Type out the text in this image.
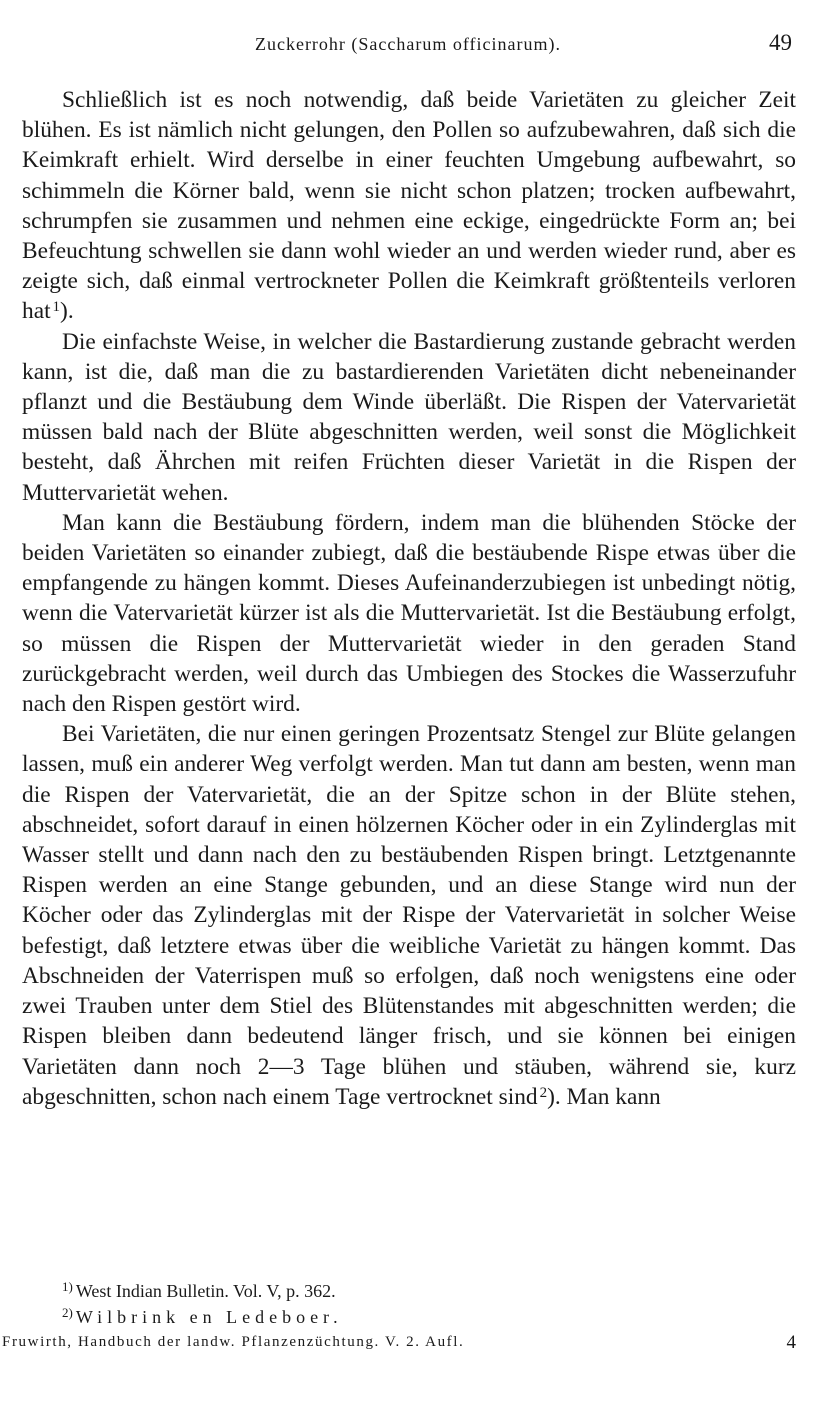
Zuckerrohr (Saccharum officinarum).	49

Schließlich ist es noch notwendig, daß beide Varietäten zu gleicher Zeit blühen. Es ist nämlich nicht gelungen, den Pollen so aufzubewahren, daß sich die Keimkraft erhielt. Wird derselbe in einer feuchten Umgebung aufbewahrt, so schimmeln die Körner bald, wenn sie nicht schon platzen; trocken aufbewahrt, schrumpfen sie zusammen und nehmen eine eckige, eingedrückte Form an; bei Befeuchtung schwellen sie dann wohl wieder an und werden wieder rund, aber es zeigte sich, daß einmal vertrockneter Pollen die Keimkraft größtenteils verloren hat  $^1$).

Die einfachste Weise, in welcher die Bastardierung zustande gebracht werden kann, ist die, daß man die zu bastardierenden Varietäten dicht nebeneinander pflanzt und die Bestäubung dem Winde überläßt. Die Rispen der Vatervarietät müssen bald nach der Blüte abgeschnitten werden, weil sonst die Möglichkeit besteht, daß Ährchen mit reifen Früchten dieser Varietät in die Rispen der Muttervarietät wehen.

Man kann die Bestäubung fördern, indem man die blühenden Stöcke der beiden Varietäten so einander zubiegt, daß die bestäubende Rispe etwas über die empfangende zu hängen kommt. Dieses Aufeinanderzubiegen ist unbedingt nötig, wenn die Vatervarietät kürzer ist als die Muttervarietät. Ist die Bestäubung erfolgt, so müssen die Rispen der Muttervarietät wieder in den geraden Stand zurückgebracht werden, weil durch das Umbiegen des Stockes die Wasserzufuhr nach den Rispen gestört wird.

Bei Varietäten, die nur einen geringen Prozentsatz Stengel zur Blüte gelangen lassen, muß ein anderer Weg verfolgt werden. Man tut dann am besten, wenn man die Rispen der Vatervarietät, die an der Spitze schon in der Blüte stehen, abschneidet, sofort darauf in einen hölzernen Köcher oder in ein Zylinderglas mit Wasser stellt und dann nach den zu bestäubenden Rispen bringt. Letztgenannte Rispen werden an eine Stange gebunden, und an diese Stange wird nun der Köcher oder das Zylinderglas mit der Rispe der Vatervarietät in solcher Weise befestigt, daß letztere etwas über die weibliche Varietät zu hängen kommt. Das Abschneiden der Vaterrispen muß so erfolgen, daß noch wenigstens eine oder zwei Trauben unter dem Stiel des Blütenstandes mit abgeschnitten werden; die Rispen bleiben dann bedeutend länger frisch, und sie können bei einigen Varietäten dann noch 2—3 Tage blühen und stäuben, während sie, kurz abgeschnitten, schon nach einem Tage vertrocknet sind  $^2$). Man kann

$^{1)}$ West Indian Bulletin. Vol. V, p. 362.
$^{2)}$ Wilbrink en Ledeboer.
Fruwirth, Handbuch der landw. Pflanzenzüchtung. V. 2. Aufl.	4
